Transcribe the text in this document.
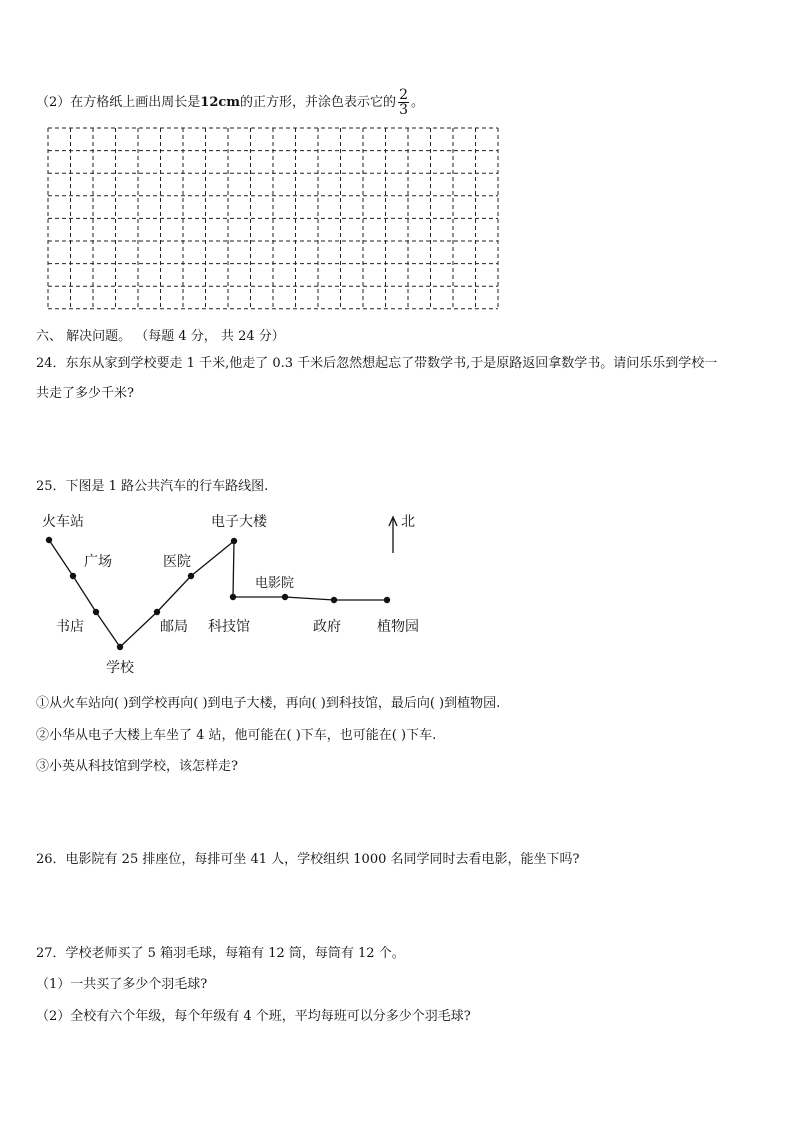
（2）在方格纸上画出周长是12cm的正方形，并涂色表示它的 $\frac{2}{3}$ 。
六、 解决问题。 （每题 4 分， 共 24 分）
24．东东从家到学校要走 1 千米,他走了 0.3 千米后忽然想起忘了带数学书,于是原路返回拿数学书。请问乐乐到学校一
共走了多少千米?
25．下图是 1 路公共汽车的行车路线图.
火车站
广场
书店
学校
邮局
医院
电子大楼
科技馆
电影院
政府	植物园
北
①从火车站向( )到学校再向( )到电子大楼，再向( )到科技馆，最后向( )到植物园.
②小华从电子大楼上车坐了 4 站，他可能在( )下车，也可能在( )下车.
③小英从科技馆到学校，该怎样走?
26．电影院有 25 排座位，每排可坐 41 人，学校组织 1000 名同学同时去看电影，能坐下吗?
27．学校老师买了 5 箱羽毛球，每箱有 12 筒，每筒有 12 个。
（1）一共买了多少个羽毛球?
（2）全校有六个年级，每个年级有 4 个班，平均每班可以分多少个羽毛球?
